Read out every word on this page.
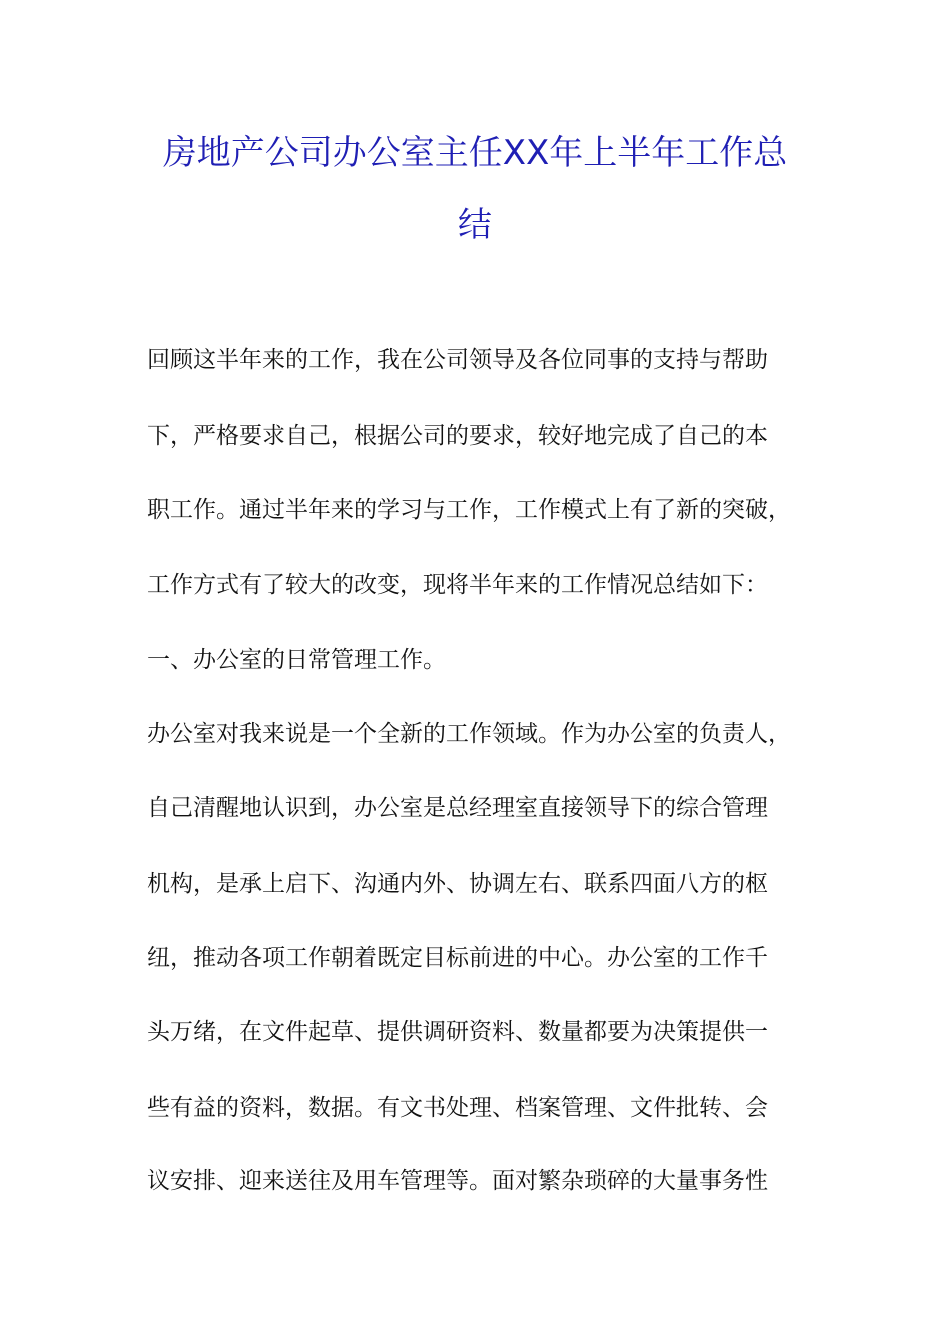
房地产公司办公室主任XX年上半年工作总
结

回顾这半年来的工作，我在公司领导及各位同事的支持与帮助

下，严格要求自己，根据公司的要求，较好地完成了自己的本

职工作。通过半年来的学习与工作，工作模式上有了新的突破，

工作方式有了较大的改变，现将半年来的工作情况总结如下：

一、办公室的日常管理工作。

办公室对我来说是一个全新的工作领域。作为办公室的负责人，

自己清醒地认识到，办公室是总经理室直接领导下的综合管理

机构，是承上启下、沟通内外、协调左右、联系四面八方的枢

纽，推动各项工作朝着既定目标前进的中心。办公室的工作千

头万绪，在文件起草、提供调研资料、数量都要为决策提供一

些有益的资料，数据。有文书处理、档案管理、文件批转、会

议安排、迎来送往及用车管理等。面对繁杂琐碎的大量事务性
